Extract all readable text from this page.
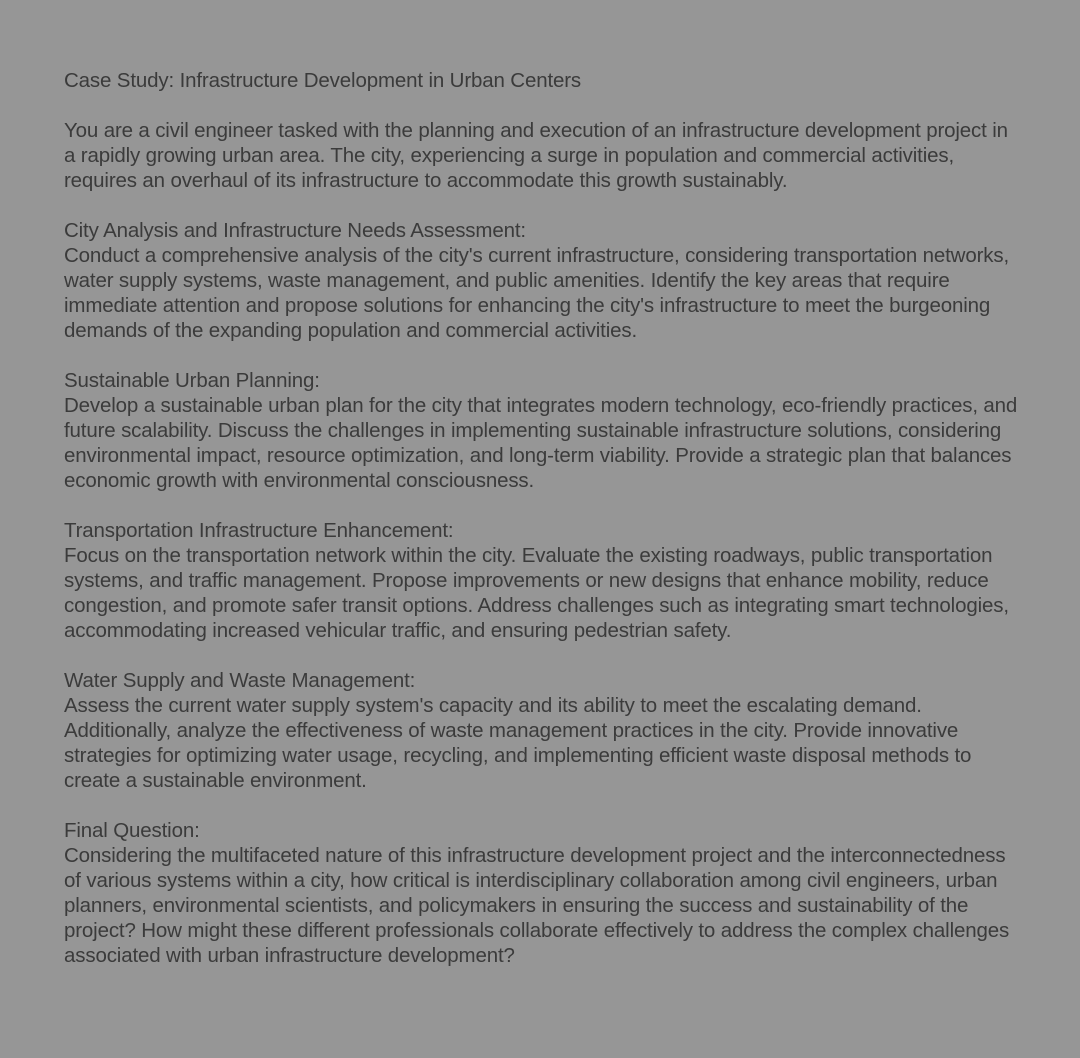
Case Study: Infrastructure Development in Urban Centers

You are a civil engineer tasked with the planning and execution of an infrastructure development project in a rapidly growing urban area. The city, experiencing a surge in population and commercial activities, requires an overhaul of its infrastructure to accommodate this growth sustainably.

City Analysis and Infrastructure Needs Assessment:
Conduct a comprehensive analysis of the city's current infrastructure, considering transportation networks, water supply systems, waste management, and public amenities. Identify the key areas that require immediate attention and propose solutions for enhancing the city's infrastructure to meet the burgeoning demands of the expanding population and commercial activities.
Sustainable Urban Planning:
Develop a sustainable urban plan for the city that integrates modern technology, eco-friendly practices, and future scalability. Discuss the challenges in implementing sustainable infrastructure solutions, considering environmental impact, resource optimization, and long-term viability. Provide a strategic plan that balances economic growth with environmental consciousness.
Transportation Infrastructure Enhancement:
Focus on the transportation network within the city. Evaluate the existing roadways, public transportation systems, and traffic management. Propose improvements or new designs that enhance mobility, reduce congestion, and promote safer transit options. Address challenges such as integrating smart technologies, accommodating increased vehicular traffic, and ensuring pedestrian safety.
Water Supply and Waste Management:
Assess the current water supply system's capacity and its ability to meet the escalating demand. Additionally, analyze the effectiveness of waste management practices in the city. Provide innovative strategies for optimizing water usage, recycling, and implementing efficient waste disposal methods to create a sustainable environment.
Final Question:
Considering the multifaceted nature of this infrastructure development project and the interconnectedness of various systems within a city, how critical is interdisciplinary collaboration among civil engineers, urban planners, environmental scientists, and policymakers in ensuring the success and sustainability of the project? How might these different professionals collaborate effectively to address the complex challenges associated with urban infrastructure development?
